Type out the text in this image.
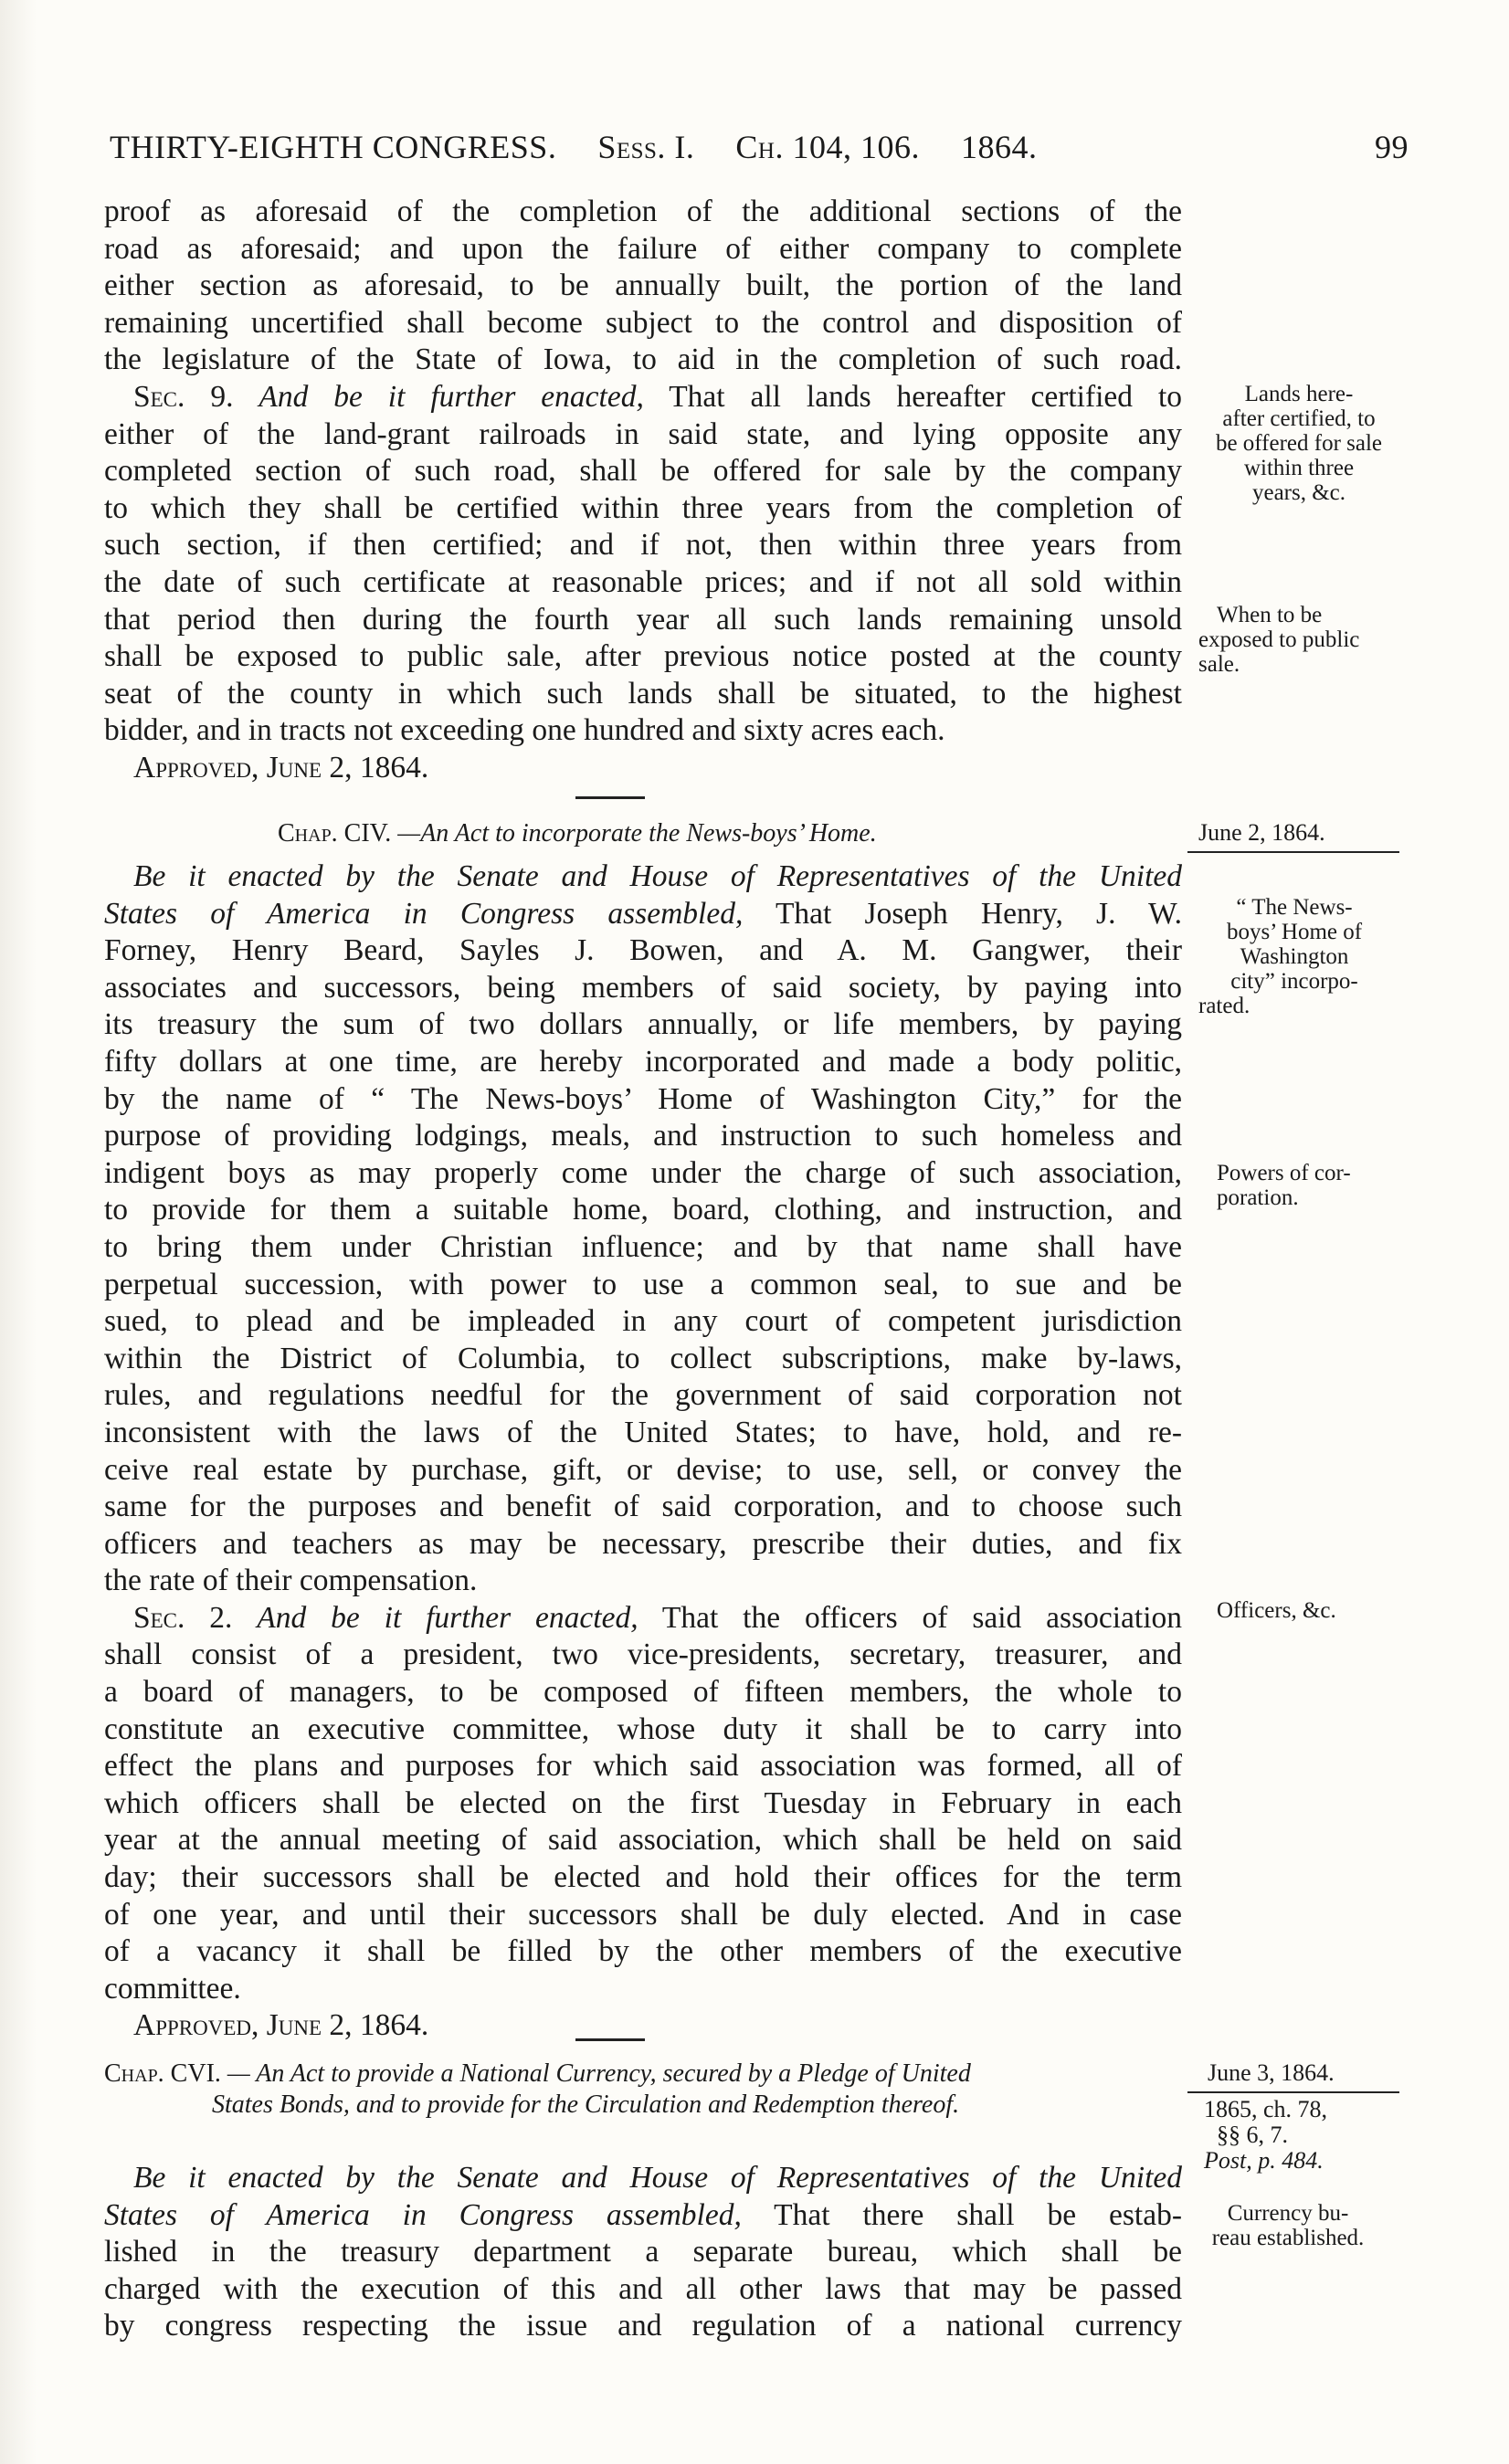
THIRTY-EIGHTH CONGRESS. Sess. I. Ch. 104, 106. 1864.	99

proof as aforesaid of the completion of the additional sections of the

road as aforesaid; and upon the failure of either company to complete

either section as aforesaid, to be annually built, the portion of the land

remaining uncertified shall become subject to the control and disposition of

the legislature of the State of Iowa, to aid in the completion of such road.

Sec. 9. And be it further enacted, That all lands hereafter certified to

either of the land-grant railroads in said state, and lying opposite any

completed section of such road, shall be offered for sale by the company

to which they shall be certified within three years from the completion of

such section, if then certified; and if not, then within three years from

the date of such certificate at reasonable prices; and if not all sold within

that period then during the fourth year all such lands remaining unsold

shall be exposed to public sale, after previous notice posted at the county

seat of the county in which such lands shall be situated, to the highest

bidder, and in tracts not exceeding one hundred and sixty acres each.

Approved, June 2, 1864.

Lands here-
after certified, to
be offered for sale
within three
years, &c.
When to be
exposed to public
sale.

Chap. CIV. —An Act to incorporate the News-boys’ Home.	June 2, 1864.

Be it enacted by the Senate and House of Representatives of the United

States of America in Congress assembled, That Joseph Henry, J. W.

Forney, Henry Beard, Sayles J. Bowen, and A. M. Gangwer, their

associates and successors, being members of said society, by paying into

its treasury the sum of two dollars annually, or life members, by paying

fifty dollars at one time, are hereby incorporated and made a body politic,

by the name of “ The News-boys’ Home of Washington City,” for the

purpose of providing lodgings, meals, and instruction to such homeless and

indigent boys as may properly come under the charge of such association,

to provide for them a suitable home, board, clothing, and instruction, and

to bring them under Christian influence; and by that name shall have

perpetual succession, with power to use a common seal, to sue and be

sued, to plead and be impleaded in any court of competent jurisdiction

within the District of Columbia, to collect subscriptions, make by-laws,

rules, and regulations needful for the government of said corporation not

inconsistent with the laws of the United States; to have, hold, and re-

ceive real estate by purchase, gift, or devise; to use, sell, or convey the

same for the purposes and benefit of said corporation, and to choose such

officers and teachers as may be necessary, prescribe their duties, and fix

the rate of their compensation.

Sec. 2. And be it further enacted, That the officers of said association

shall consist of a president, two vice-presidents, secretary, treasurer, and

a board of managers, to be composed of fifteen members, the whole to

constitute an executive committee, whose duty it shall be to carry into

effect the plans and purposes for which said association was formed, all of

which officers shall be elected on the first Tuesday in February in each

year at the annual meeting of said association, which shall be held on said

day; their successors shall be elected and hold their offices for the term

of one year, and until their successors shall be duly elected. And in case

of a vacancy it shall be filled by the other members of the executive

committee.

Approved, June 2, 1864.

“ The News-
boys’ Home of
Washington
city” incorpo-
rated.
Powers of cor-
poration.
Officers, &c.

Chap. CVI. — An Act to provide a National Currency, secured by a Pledge of United

States Bonds, and to provide for the Circulation and Redemption thereof.

June 3, 1864.
1865, ch. 78,
§§ 6, 7.
Post, p. 484.
Currency bu-
reau established.

Be it enacted by the Senate and House of Representatives of the United

States of America in Congress assembled, That there shall be estab-

lished in the treasury department a separate bureau, which shall be

charged with the execution of this and all other laws that may be passed

by congress respecting the issue and regulation of a national currency
